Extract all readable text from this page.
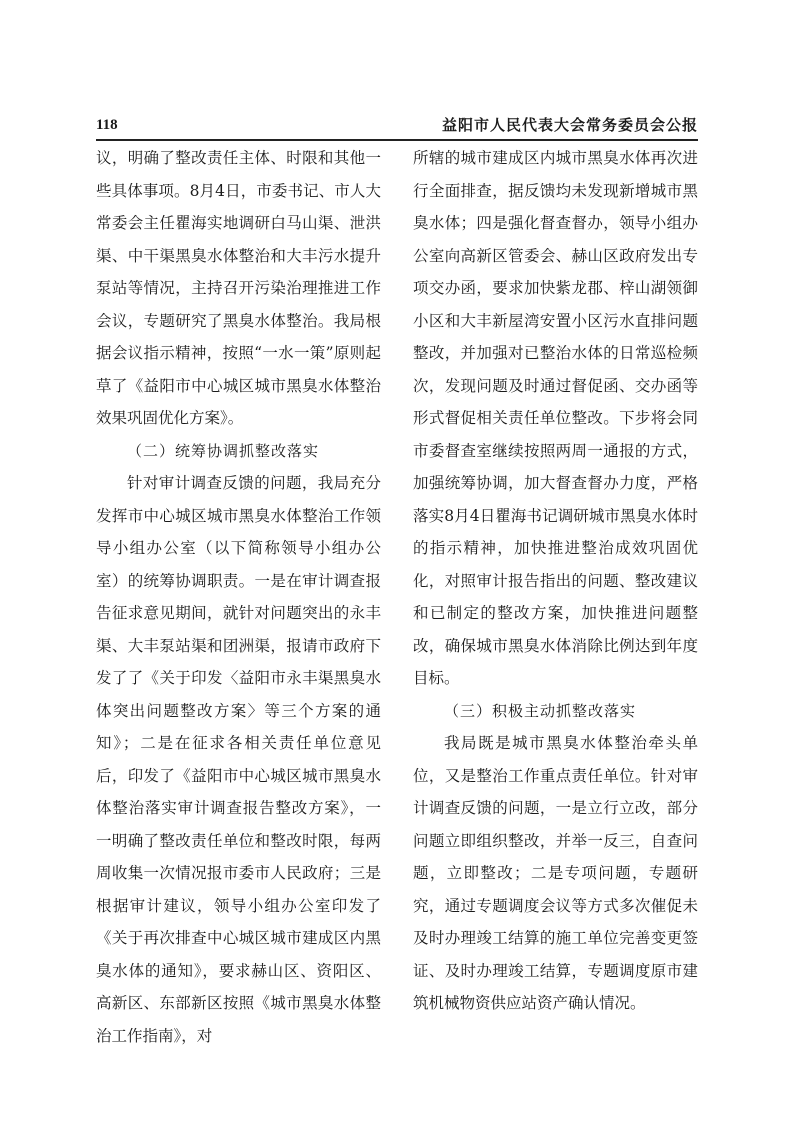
118	益阳市人民代表大会常务委员会公报

议，明确了整改责任主体、时限和其他一些具体事项。8月4日，市委书记、市人大常委会主任瞿海实地调研白马山渠、泄洪渠、中干渠黑臭水体整治和大丰污水提升泵站等情况，主持召开污染治理推进工作会议，专题研究了黑臭水体整治。我局根据会议指示精神，按照“一水一策”原则起草了《益阳市中心城区城市黑臭水体整治效果巩固优化方案》。

（二）统筹协调抓整改落实

针对审计调查反馈的问题，我局充分发挥市中心城区城市黑臭水体整治工作领导小组办公室（以下简称领导小组办公室）的统筹协调职责。一是在审计调查报告征求意见期间，就针对问题突出的永丰渠、大丰泵站渠和团洲渠，报请市政府下发了了《关于印发〈益阳市永丰渠黑臭水体突出问题整改方案〉等三个方案的通知》；二是在征求各相关责任单位意见后，印发了《益阳市中心城区城市黑臭水体整治落实审计调查报告整改方案》，一一明确了整改责任单位和整改时限，每两周收集一次情况报市委市人民政府；三是根据审计建议，领导小组办公室印发了《关于再次排查中心城区城市建成区内黑臭水体的通知》，要求赫山区、资阳区、高新区、东部新区按照《城市黑臭水体整治工作指南》，对

所辖的城市建成区内城市黑臭水体再次进行全面排查，据反馈均未发现新增城市黑臭水体；四是强化督查督办，领导小组办公室向高新区管委会、赫山区政府发出专项交办函，要求加快紫龙郡、梓山湖领御小区和大丰新屋湾安置小区污水直排问题整改，并加强对已整治水体的日常巡检频次，发现问题及时通过督促函、交办函等形式督促相关责任单位整改。下步将会同市委督查室继续按照两周一通报的方式，加强统筹协调，加大督查督办力度，严格落实8月4日瞿海书记调研城市黑臭水体时的指示精神，加快推进整治成效巩固优化，对照审计报告指出的问题、整改建议和已制定的整改方案，加快推进问题整改，确保城市黑臭水体消除比例达到年度目标。

（三）积极主动抓整改落实

我局既是城市黑臭水体整治牵头单位，又是整治工作重点责任单位。针对审计调查反馈的问题，一是立行立改，部分问题立即组织整改，并举一反三，自查问题，立即整改；二是专项问题，专题研究，通过专题调度会议等方式多次催促未及时办理竣工结算的施工单位完善变更签证、及时办理竣工结算，专题调度原市建筑机械物资供应站资产确认情况。
